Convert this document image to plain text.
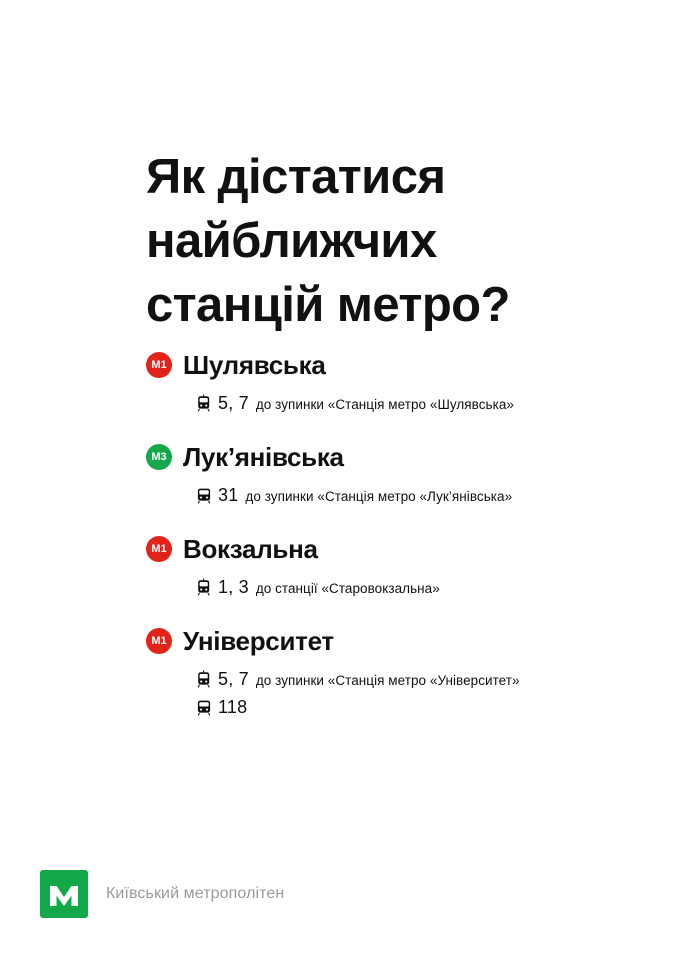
Як дістатися
найближчих
станцій метро?
М1 Шулявська
5, 7 до зупинки «Станція метро «Шулявська»
М3 Лук’янівська
31 до зупинки «Станція метро «Лук’янівська»
М1 Вокзальна
1, 3 до станції «Старовокзальна»
М1 Університет
5, 7 до зупинки «Станція метро «Університет»
118
Київський метрополітен
